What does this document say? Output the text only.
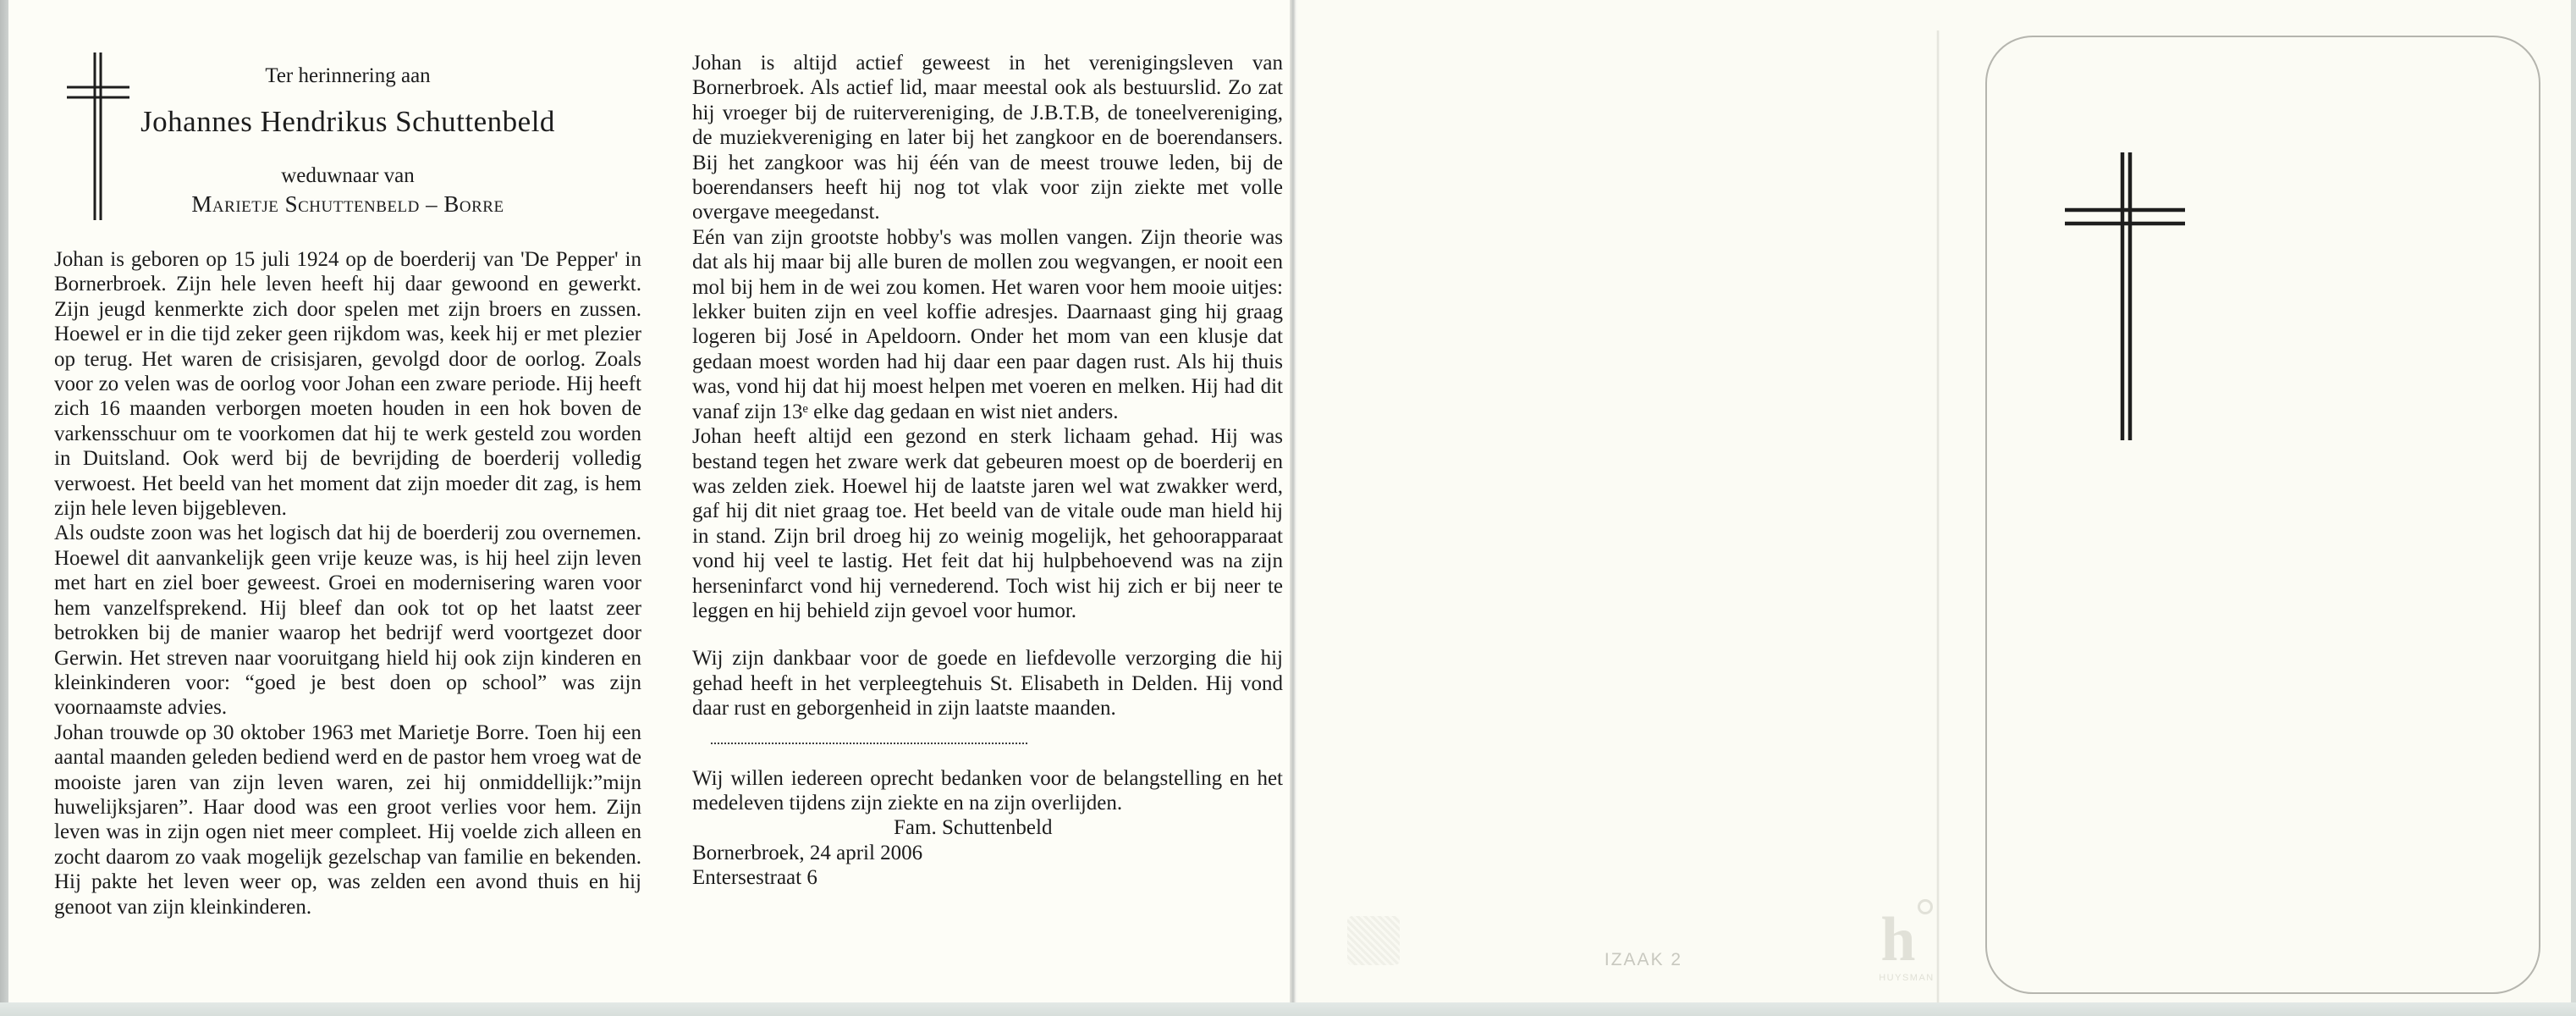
Ter herinnering aan
Johannes Hendrikus Schuttenbeld
weduwnaar van
Marietje Schuttenbeld – Borre

Johan is geboren op 15 juli 1924 op de boerderij van 'De Pepper' in Bornerbroek. Zijn hele leven heeft hij daar gewoond en gewerkt. Zijn jeugd kenmerkte zich door spelen met zijn broers en zussen. Hoewel er in die tijd zeker geen rijkdom was, keek hij er met plezier op terug. Het waren de crisisjaren, gevolgd door de oorlog. Zoals voor zo velen was de oorlog voor Johan een zware periode. Hij heeft zich 16 maanden verborgen moeten houden in een hok boven de varkensschuur om te voorkomen dat hij te werk gesteld zou worden in Duitsland. Ook werd bij de bevrijding de boerderij volledig verwoest. Het beeld van het moment dat zijn moeder dit zag, is hem zijn hele leven bijgebleven.

Als oudste zoon was het logisch dat hij de boerderij zou overnemen. Hoewel dit aanvankelijk geen vrije keuze was, is hij heel zijn leven met hart en ziel boer geweest. Groei en modernisering waren voor hem vanzelfsprekend. Hij bleef dan ook tot op het laatst zeer betrokken bij de manier waarop het bedrijf werd voortgezet door Gerwin. Het streven naar vooruitgang hield hij ook zijn kinderen en kleinkinderen voor: “goed je best doen op school” was zijn voornaamste advies.

Johan trouwde op 30 oktober 1963 met Marietje Borre. Toen hij een aantal maanden geleden bediend werd en de pastor hem vroeg wat de mooiste jaren van zijn leven waren, zei hij onmiddellijk:”mijn huwelijksjaren”. Haar dood was een groot verlies voor hem. Zijn leven was in zijn ogen niet meer compleet. Hij voelde zich alleen en zocht daarom zo vaak mogelijk gezelschap van familie en bekenden. Hij pakte het leven weer op, was zelden een avond thuis en hij genoot van zijn kleinkinderen.

Johan is altijd actief geweest in het verenigingsleven van Bornerbroek. Als actief lid, maar meestal ook als bestuurslid. Zo zat hij vroeger bij de ruitervereniging, de J.B.T.B, de toneelvereniging, de muziekvereniging en later bij het zangkoor en de boerendansers. Bij het zangkoor was hij één van de meest trouwe leden, bij de boerendansers heeft hij nog tot vlak voor zijn ziekte met volle overgave meegedanst.

Eén van zijn grootste hobby's was mollen vangen. Zijn theorie was dat als hij maar bij alle buren de mollen zou wegvangen, er nooit een mol bij hem in de wei zou komen. Het waren voor hem mooie uitjes: lekker buiten zijn en veel koffie adresjes. Daarnaast ging hij graag logeren bij José in Apeldoorn. Onder het mom van een klusje dat gedaan moest worden had hij daar een paar dagen rust. Als hij thuis was, vond hij dat hij moest helpen met voeren en melken. Hij had dit vanaf zijn 13ᵉ elke dag gedaan en wist niet anders.

Johan heeft altijd een gezond en sterk lichaam gehad. Hij was bestand tegen het zware werk dat gebeuren moest op de boerderij en was zelden ziek. Hoewel hij de laatste jaren wel wat zwakker werd, gaf hij dit niet graag toe. Het beeld van de vitale oude man hield hij in stand. Zijn bril droeg hij zo weinig mogelijk, het gehoorapparaat vond hij veel te lastig. Het feit dat hij hulpbehoevend was na zijn herseninfarct vond hij vernederend. Toch wist hij zich er bij neer te leggen en hij behield zijn gevoel voor humor.

Wij zijn dankbaar voor de goede en liefdevolle verzorging die hij gehad heeft in het verpleegtehuis St. Elisabeth in Delden. Hij vond daar rust en geborgenheid in zijn laatste maanden.

Wij willen iedereen oprecht bedanken voor de belangstelling en het medeleven tijdens zijn ziekte en na zijn overlijden.

Fam. Schuttenbeld

Bornerbroek, 24 april 2006

Entersestraat 6

IZAAK 2	h
HUYSMAN
